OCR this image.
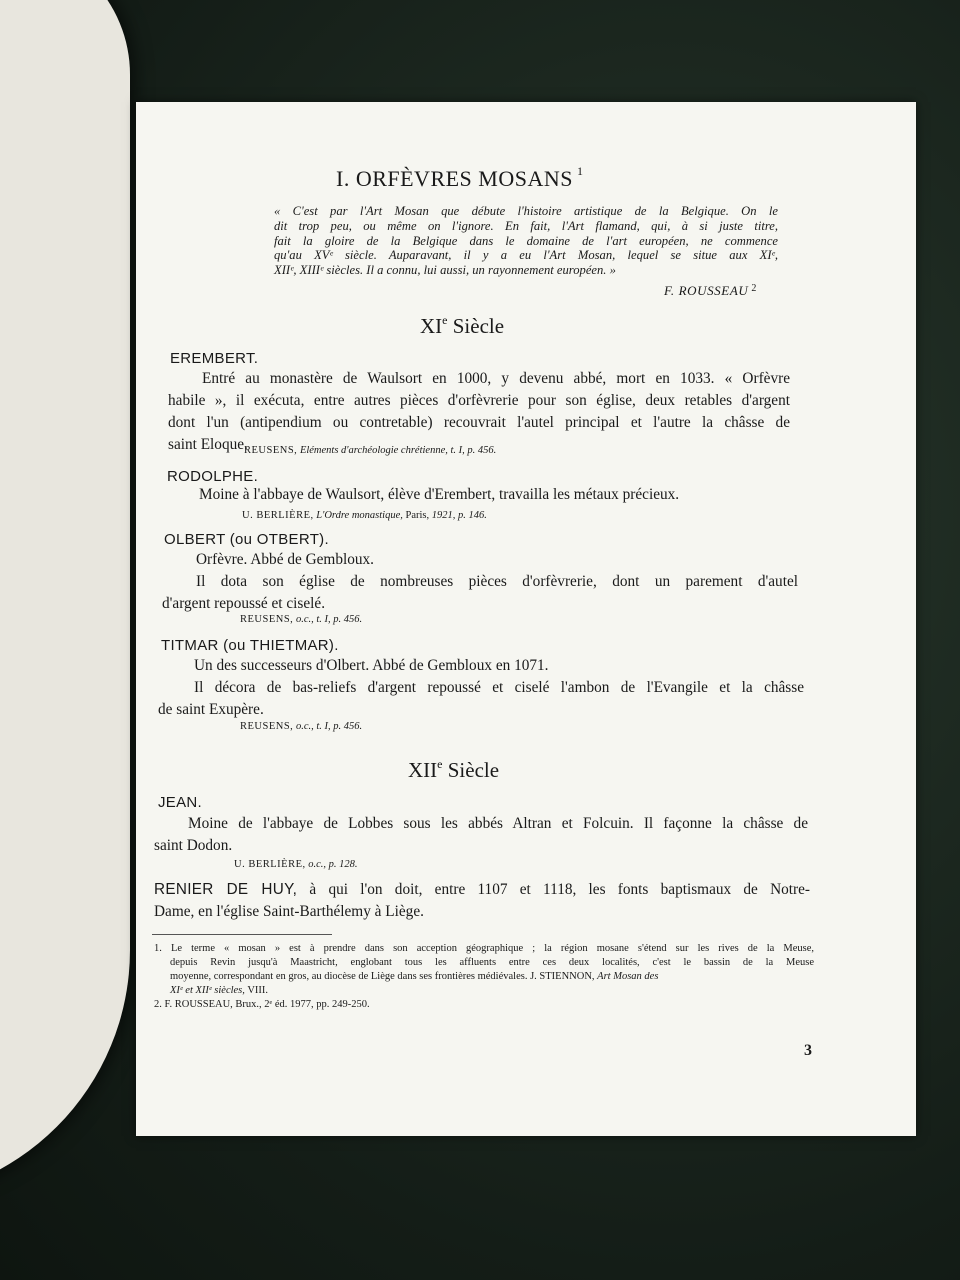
I. ORFÈVRES MOSANS $^1$
« C'est par l'Art Mosan que débute l'histoire artistique de la Belgique. On le
dit trop peu, ou même on l'ignore. En fait, l'Art flamand, qui, à si juste titre,
fait la gloire de la Belgique dans le domaine de l'art européen, ne commence
qu'au XVᵉ siècle. Auparavant, il y a eu l'Art Mosan, lequel se situe aux XIᵉ,
XIIᵉ, XIIIᵉ siècles. Il a connu, lui aussi, un rayonnement européen. »
F. ROUSSEAU $^2$
XIe Siècle
EREMBERT.
Entré au monastère de Waulsort en 1000, y devenu abbé, mort en 1033. « Orfèvre
habile », il exécuta, entre autres pièces d'orfèvrerie pour son église, deux retables d'argent
dont l'un (antipendium ou contretable) recouvrait l'autel principal et l'autre la châsse de
saint Eloque.
REUSENS, Eléments d'archéologie chrétienne, t. I, p. 456.
RODOLPHE.
Moine à l'abbaye de Waulsort, élève d'Erembert, travailla les métaux précieux.
U. BERLIÈRE, L'Ordre monastique, Paris, 1921, p. 146.
OLBERT (ou OTBERT).
Orfèvre. Abbé de Gembloux.
Il dota son église de nombreuses pièces d'orfèvrerie, dont un parement d'autel
d'argent repoussé et ciselé.
REUSENS, o.c., t. I, p. 456.
TITMAR (ou THIETMAR).
Un des successeurs d'Olbert. Abbé de Gembloux en 1071.
Il décora de bas-reliefs d'argent repoussé et ciselé l'ambon de l'Evangile et la châsse
de saint Exupère.
REUSENS, o.c., t. I, p. 456.
XIIe Siècle
JEAN.
Moine de l'abbaye de Lobbes sous les abbés Altran et Folcuin. Il façonne la châsse de
saint Dodon.
U. BERLIÈRE, o.c., p. 128.
RENIER DE HUY, à qui l'on doit, entre 1107 et 1118, les fonts baptismaux de Notre-
Dame, en l'église Saint-Barthélemy à Liège.
1. Le terme « mosan » est à prendre dans son acception géographique ; la région mosane s'étend sur les rives de la Meuse,
depuis Revin jusqu'à Maastricht, englobant tous les affluents entre ces deux localités, c'est le bassin de la Meuse
moyenne, correspondant en gros, au diocèse de Liège dans ses frontières médiévales. J. STIENNON, Art Mosan des
XIᵉ et XIIᵉ siècles, VIII.
2. F. ROUSSEAU, Brux., 2ᵉ éd. 1977, pp. 249-250.
3
